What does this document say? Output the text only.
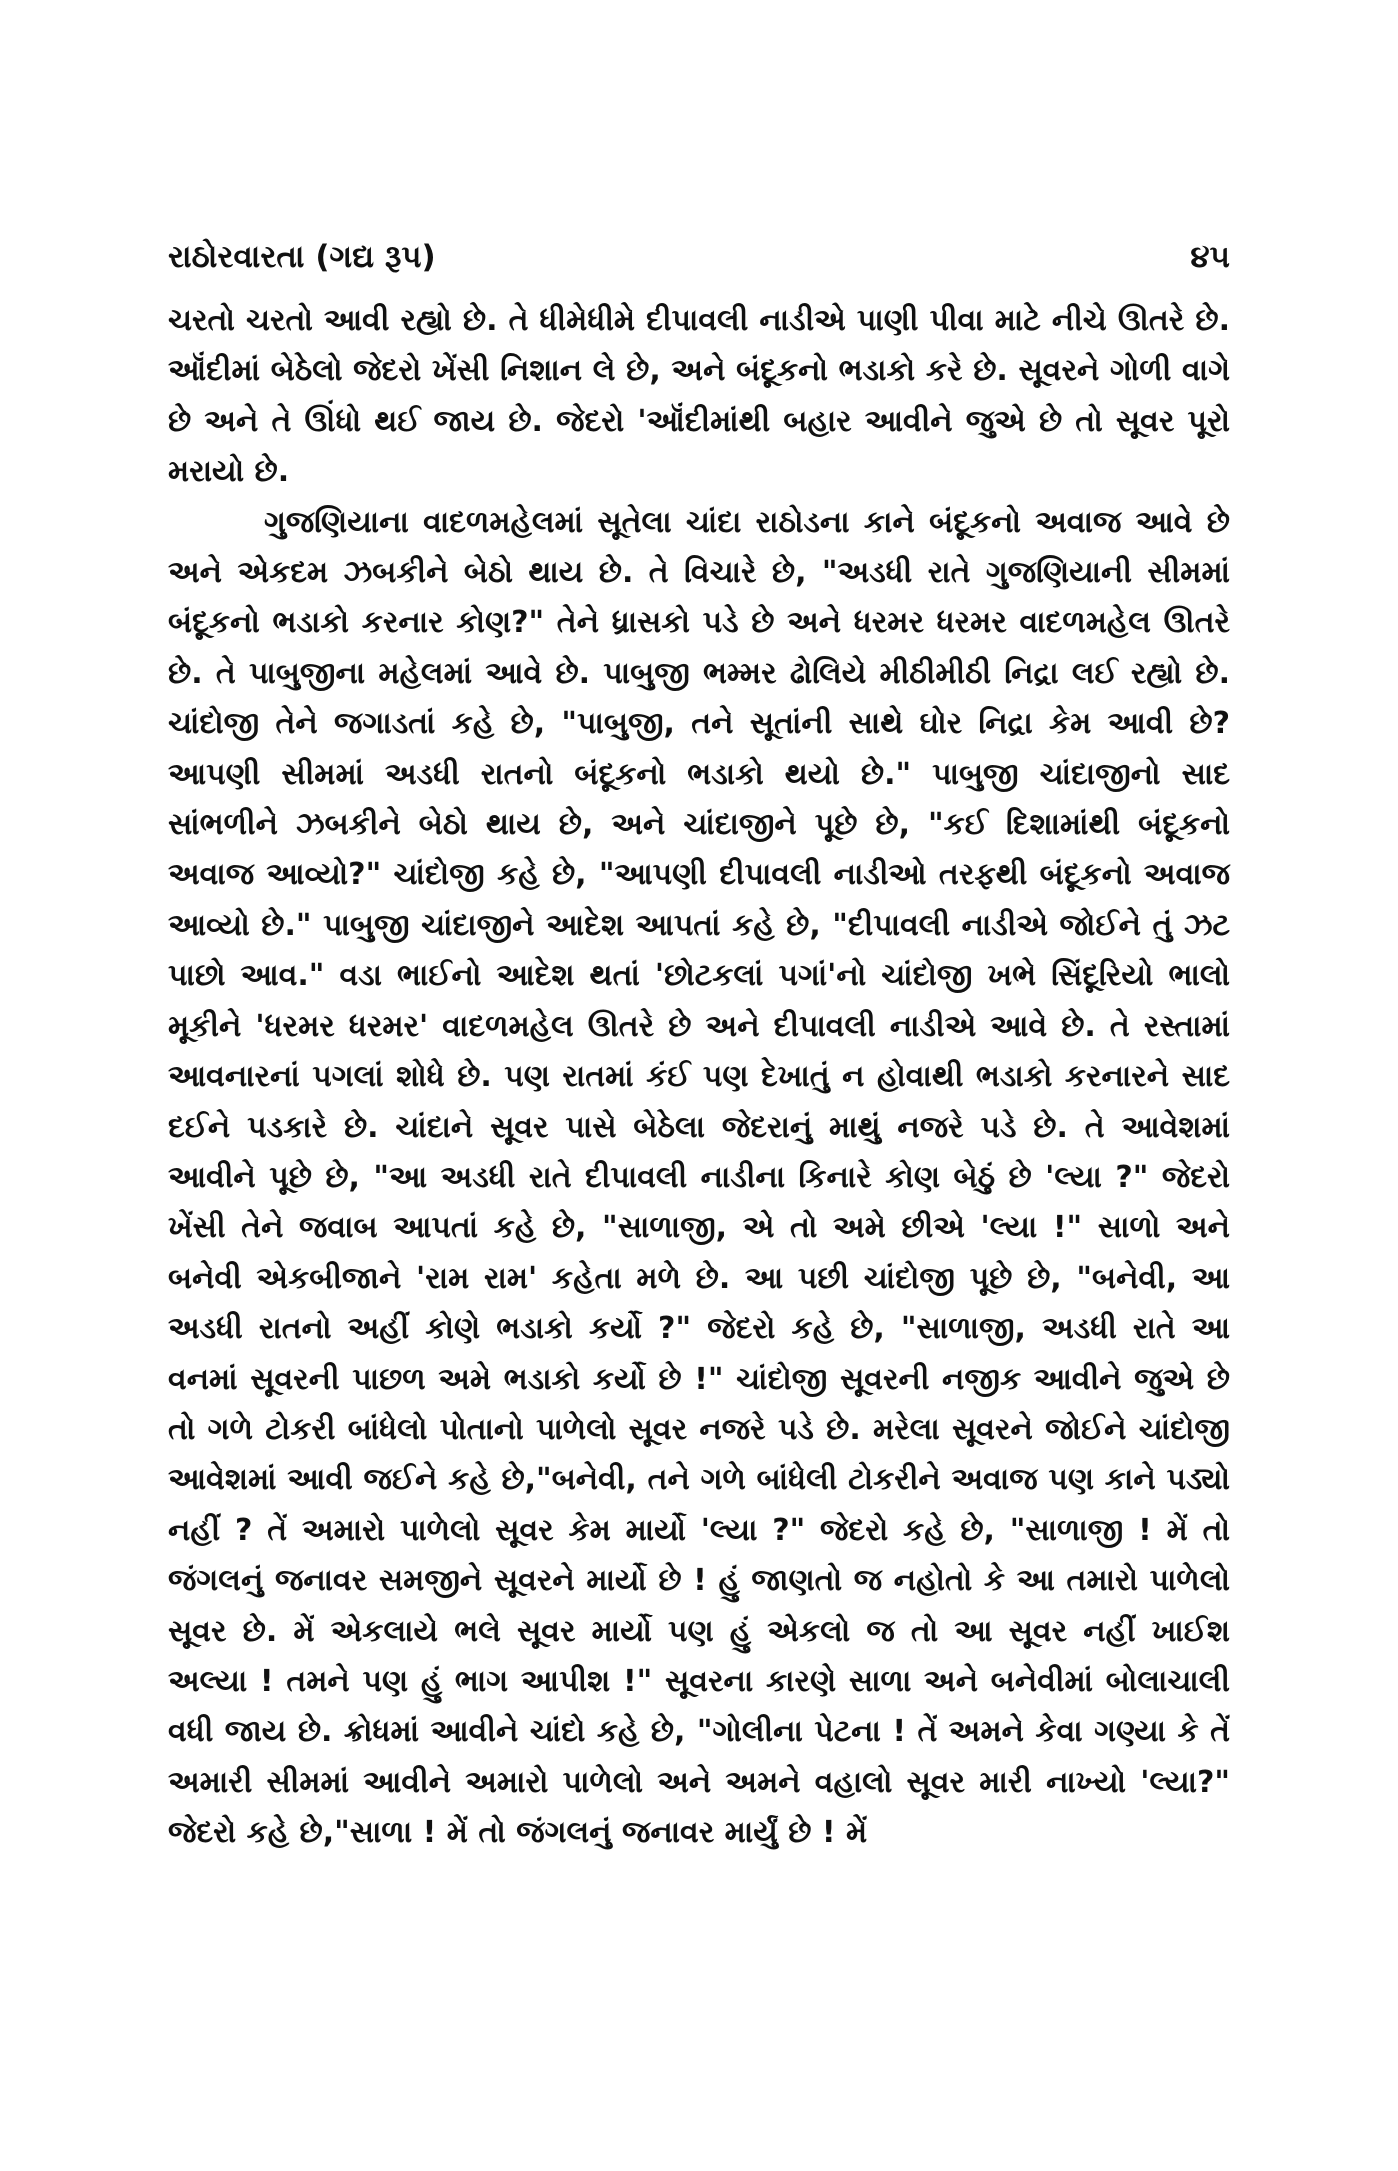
રાઠોરવારતા (ગદ્ય રૂપ)	૪૫

ચરતો ચરતો આવી રહ્યો છે. તે ધીમેધીમે દીપાવલી નાડીએ પાણી પીવા માટે નીચે ઊતરે છે. ઑંદીમાં બેઠેલો જેદરો ખેંસી નિશાન લે છે, અને બંદૂકનો ભડાકો કરે છે. સૂવરને ગોળી વાગે છે અને તે ઊંધો થઈ જાય છે. જેદરો 'ઑંદીમાંથી બહાર આવીને જુએ છે તો સૂવર પૂરો મરાયો છે.

ગુજણિયાના વાદળમહેલમાં સૂતેલા ચાંદા રાઠોડના કાને બંદૂકનો અવાજ આવે છે અને એકદમ ઝબકીને બેઠો થાય છે. તે વિચારે છે, "અડધી રાતે ગુજણિયાની સીમમાં બંદૂકનો ભડાકો કરનાર કોણ?" તેને ધ્રાસકો પડે છે અને ધરમર ધરમર વાદળમહેલ ઊતરે છે. તે પાબુજીના મહેલમાં આવે છે. પાબુજી ભમ્મર ઢોલિયે મીઠીમીઠી નિદ્રા લઈ રહ્યો છે. ચાંદોજી તેને જગાડતાં કહે છે, "પાબુજી, તને સૂતાંની સાથે ઘોર નિદ્રા કેમ આવી છે? આપણી સીમમાં અડધી રાતનો બંદૂકનો ભડાકો થયો છે." પાબુજી ચાંદાજીનો સાદ સાંભળીને ઝબકીને બેઠો થાય છે, અને ચાંદાજીને પૂછે છે, "કઈ દિશામાંથી બંદૂકનો અવાજ આવ્યો?" ચાંદોજી કહે છે, "આપણી દીપાવલી નાડીઓ તરફથી બંદૂકનો અવાજ આવ્યો છે." પાબુજી ચાંદાજીને આદેશ આપતાં કહે છે, "દીપાવલી નાડીએ જોઈને તું ઝટ પાછો આવ." વડા ભાઈનો આદેશ થતાં 'છોટકલાં પગાં'નો ચાંદોજી ખભે સિંદૂરિયો ભાલો મૂકીને 'ધરમર ધરમર' વાદળમહેલ ઊતરે છે અને દીપાવલી નાડીએ આવે છે. તે રસ્તામાં આવનારનાં પગલાં શોધે છે. પણ રાતમાં કંઈ પણ દેખાતું ન હોવાથી ભડાકો કરનારને સાદ દઈને પડકારે છે. ચાંદાને સૂવર પાસે બેઠેલા જેદરાનું માથું નજરે પડે છે. તે આવેશમાં આવીને પૂછે છે, "આ અડધી રાતે દીપાવલી નાડીના કિનારે કોણ બેઠું છે 'લ્યા ?" જેદરો ખેંસી તેને જવાબ આપતાં કહે છે, "સાળાજી, એ તો અમે છીએ 'લ્યા !" સાળો અને બનેવી એકબીજાને 'રામ રામ' કહેતા મળે છે. આ પછી ચાંદોજી પૂછે છે, "બનેવી, આ અડધી રાતનો અહીં કોણે ભડાકો કર્યો ?" જેદરો કહે છે, "સાળાજી, અડધી રાતે આ વનમાં સૂવરની પાછળ અમે ભડાકો કર્યો છે !" ચાંદોજી સૂવરની નજીક આવીને જુએ છે તો ગળે ટોકરી બાંધેલો પોતાનો પાળેલો સૂવર નજરે પડે છે. મરેલા સૂવરને જોઈને ચાંદોજી આવેશમાં આવી જઈને કહે છે,"બનેવી, તને ગળે બાંધેલી ટોકરીને અવાજ પણ કાને પડ્યો નહીં ? તેં અમારો પાળેલો સૂવર કેમ માર્યો 'લ્યા ?" જેદરો કહે છે, "સાળાજી ! મેં તો જંગલનું જનાવર સમજીને સૂવરને માર્યો છે ! હું જાણતો જ નહોતો કે આ તમારો પાળેલો સૂવર છે. મેં એકલાયે ભલે સૂવર માર્યો પણ હું એકલો જ તો આ સૂવર નહીં ખાઈશ અલ્યા ! તમને પણ હું ભાગ આપીશ !" સૂવરના કારણે સાળા અને બનેવીમાં બોલાચાલી વધી જાય છે. ક્રોધમાં આવીને ચાંદો કહે છે, "ગોલીના પેટના ! તેં અમને કેવા ગણ્યા કે તેં અમારી સીમમાં આવીને અમારો પાળેલો અને અમને વહાલો સૂવર મારી નાખ્યો 'લ્યા?" જેદરો કહે છે,"સાળા ! મેં તો જંગલનું જનાવર માર્યું છે ! મેં
